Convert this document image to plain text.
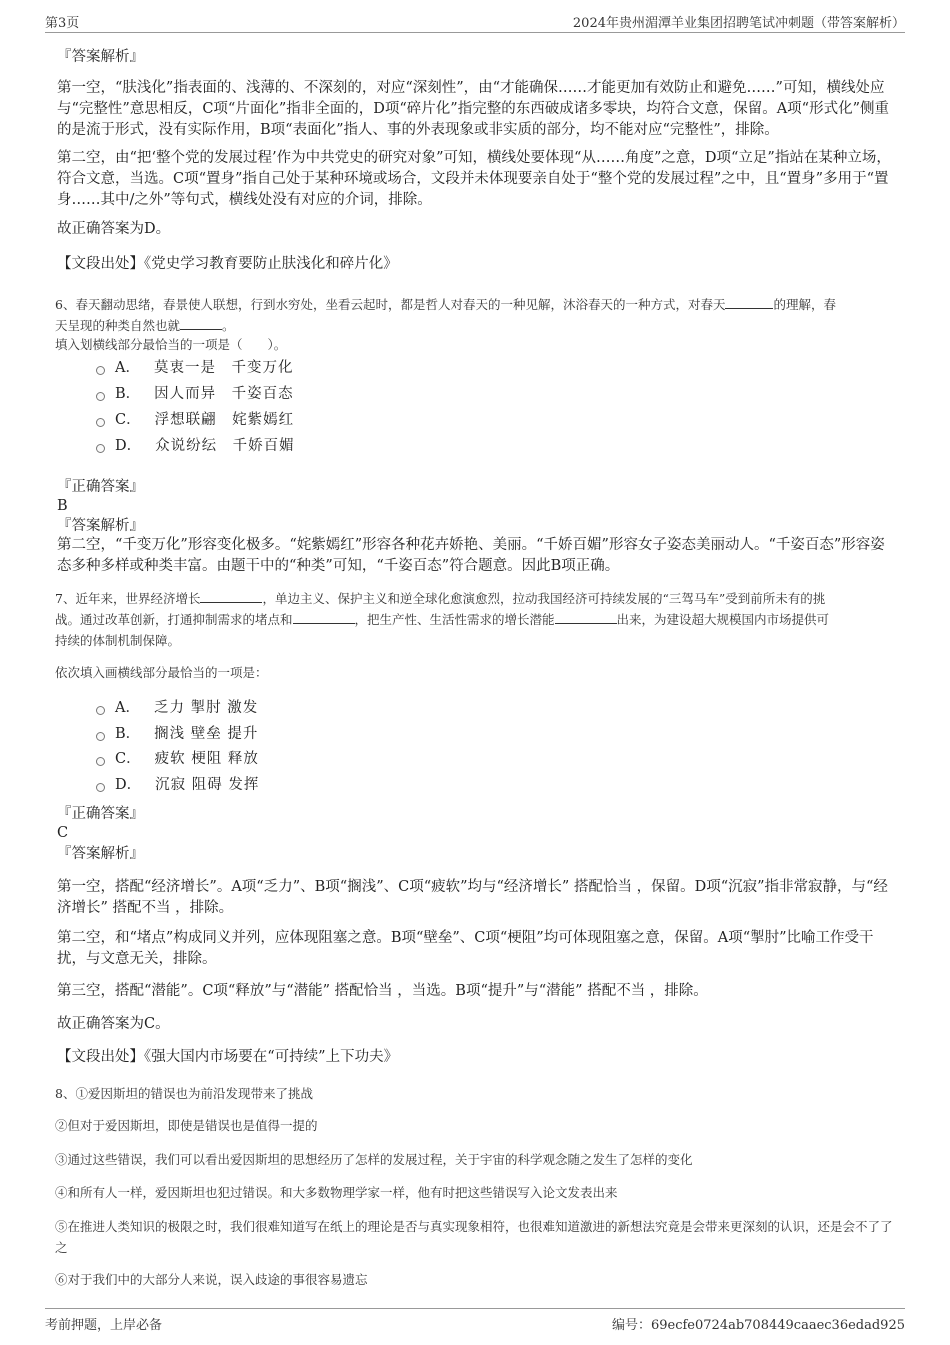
第3页	2024年贵州湄潭羊业集团招聘笔试冲刺题（带答案解析）
『答案解析』
第一空，“肤浅化”指表面的、浅薄的、不深刻的，对应“深刻性”，由“才能确保……才能更加有效防止和避免……”可知，横线处应与“完整性”意思相反，C项“片面化”指非全面的，D项“碎片化”指完整的东西破成诸多零块，均符合文意，保留。A项“形式化”侧重的是流于形式，没有实际作用，B项“表面化”指人、事的外表现象或非实质的部分，均不能对应“完整性”，排除。
第二空，由“把‘整个党的发展过程’作为中共党史的研究对象”可知，横线处要体现“从……角度”之意，D项“立足”指站在某种立场，符合文意，当选。C项“置身”指自己处于某种环境或场合，文段并未体现要亲自处于“整个党的发展过程”之中，且“置身”多用于“置身……其中/之外”等句式，横线处没有对应的介词，排除。
故正确答案为D。
【文段出处】《党史学习教育要防止肤浅化和碎片化》
6、春天翻动思绪，春景使人联想，行到水穷处，坐看云起时，都是哲人对春天的一种见解，沐浴春天的一种方式，对春天	的理解，春
天呈现的种类自然也就	。
填入划横线部分最恰当的一项是（　　）。
A． 莫衷一是　千变万化
B． 因人而异　千姿百态
C． 浮想联翩　姹紫嫣红
D． 众说纷纭　千娇百媚
『正确答案』
B
『答案解析』
第二空，“千变万化”形容变化极多。“姹紫嫣红”形容各种花卉娇艳、美丽。“千娇百媚”形容女子姿态美丽动人。“千姿百态”形容姿态多种多样或种类丰富。由题干中的“种类”可知，“千姿百态”符合题意。因此B项正确。
7、近年来，世界经济增长	，单边主义、保护主义和逆全球化愈演愈烈，拉动我国经济可持续发展的“三驾马车”受到前所未有的挑
战。通过改革创新，打通抑制需求的堵点和	，把生产性、生活性需求的增长潜能	出来，为建设超大规模国内市场提供可
持续的体制机制保障。
依次填入画横线部分最恰当的一项是：
A． 乏力 掣肘 激发
B． 搁浅 壁垒 提升
C． 疲软 梗阻 释放
D． 沉寂 阻碍 发挥
『正确答案』
C
『答案解析』
第一空，搭配“经济增长”。A项“乏力”、B项“搁浅”、C项“疲软”均与“经济增长” 搭配恰当 ，保留。D项“沉寂”指非常寂静，与“经济增长” 搭配不当 ，排除。
第二空，和“堵点”构成同义并列，应体现阻塞之意。B项“壁垒”、C项“梗阻”均可体现阻塞之意，保留。A项“掣肘”比喻工作受干扰，与文意无关，排除。
第三空，搭配“潜能”。C项“释放”与“潜能” 搭配恰当 ，当选。B项“提升”与“潜能” 搭配不当 ，排除。
故正确答案为C。
【文段出处】《强大国内市场要在“可持续”上下功夫》
8、①爱因斯坦的错误也为前沿发现带来了挑战
②但对于爱因斯坦，即使是错误也是值得一提的
③通过这些错误，我们可以看出爱因斯坦的思想经历了怎样的发展过程，关于宇宙的科学观念随之发生了怎样的变化
④和所有人一样，爱因斯坦也犯过错误。和大多数物理学家一样，他有时把这些错误写入论文发表出来
⑤在推进人类知识的极限之时，我们很难知道写在纸上的理论是否与真实现象相符，也很难知道激进的新想法究竟是会带来更深刻的认识，还是会不了了之
⑥对于我们中的大部分人来说，误入歧途的事很容易遗忘
考前押题，上岸必备	编号：69ecfe0724ab708449caaec36edad925
